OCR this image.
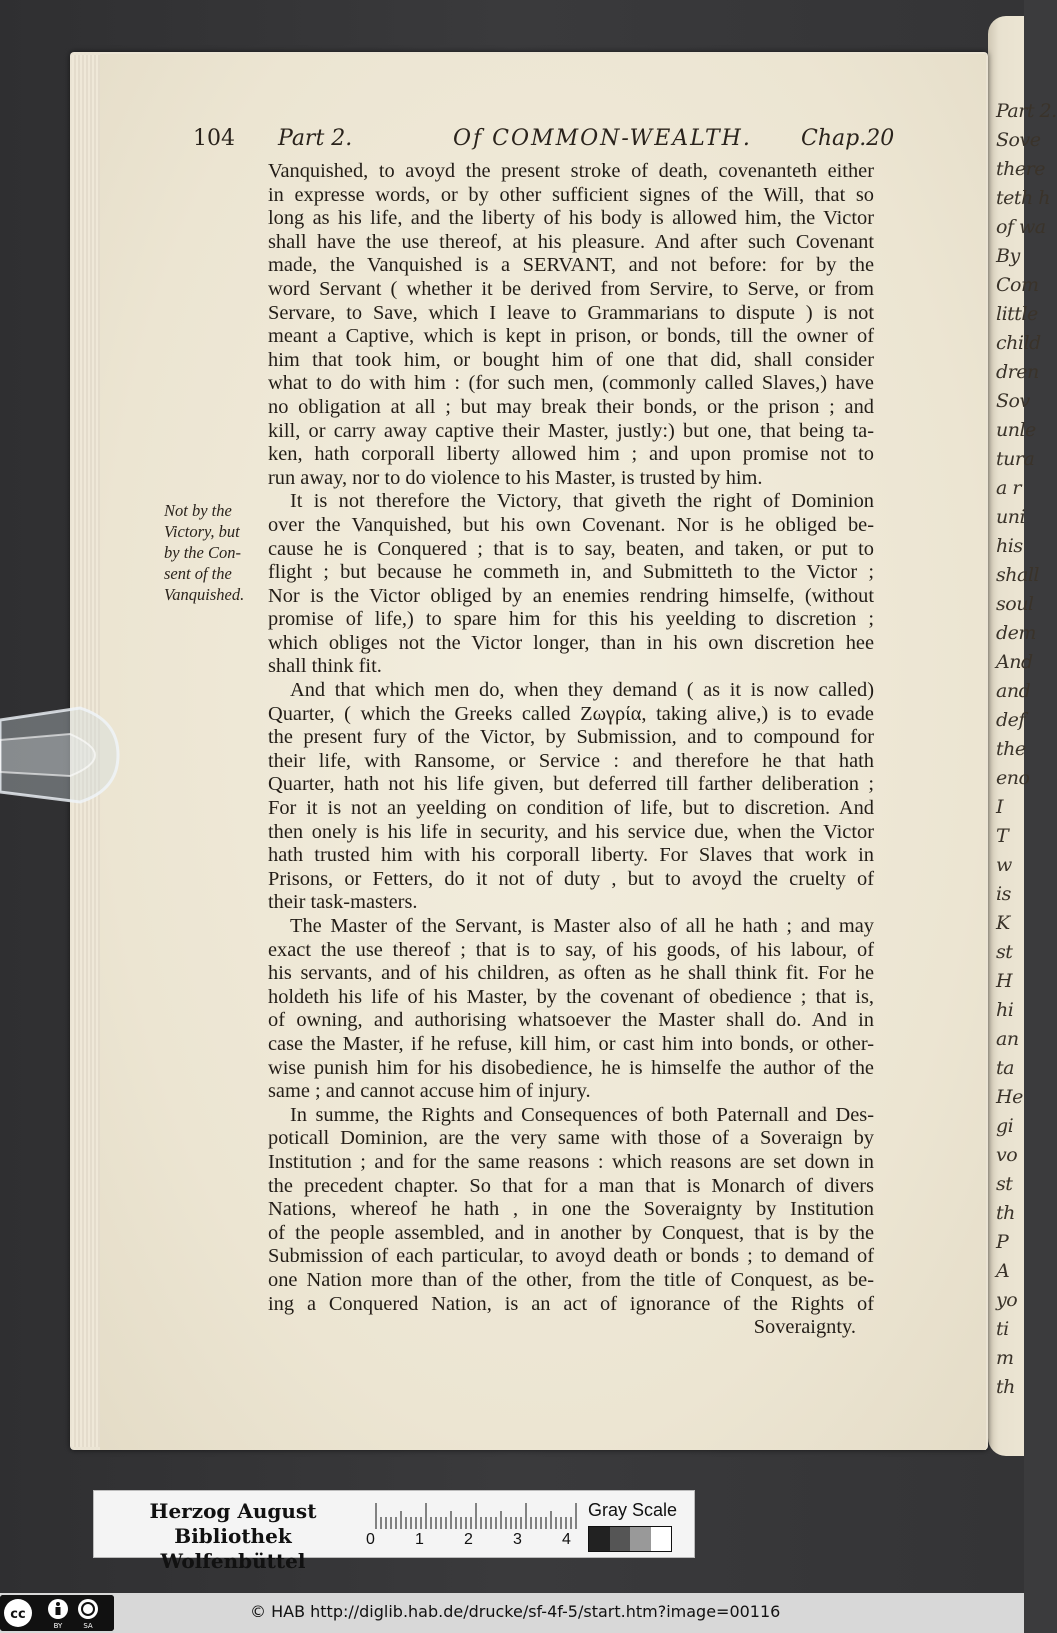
Part 2.
Sove
there
teth h
of wa
By
Com
little
child
dren
Sov
unle
tura
a r
uni
his
shall
soul
dem
And
and
def
the
eno
I
T
w
is
K
st
H
hi
an
ta
He
gi
vo
st
th
P
A
yo
ti
m
th
104 Part 2.	Of COMMON-WEALTH. Chap.20
Not by the
Victory, but
by the Con-
sent of the
Vanquished.
Vanquished, to avoyd the present stroke of death, covenanteth either
in expresse words, or by other sufficient signes of the Will, that so
long as his life, and the liberty of his body is allowed him, the Victor
shall have the use thereof, at his pleasure. And after such Covenant
made, the Vanquished is a SERVANT, and not before: for by the
word Servant ( whether it be derived from Servire, to Serve, or from
Servare, to Save, which I leave to Grammarians to dispute ) is not
meant a Captive, which is kept in prison, or bonds, till the owner of
him that took him, or bought him of one that did, shall consider
what to do with him : (for such men, (commonly called Slaves,) have
no obligation at all ; but may break their bonds, or the prison ; and
kill, or carry away captive their Master, justly:) but one, that being ta-
ken, hath corporall liberty allowed him ; and upon promise not to
run away, nor to do violence to his Master, is trusted by him.
It is not therefore the Victory, that giveth the right of Dominion
over the Vanquished, but his own Covenant. Nor is he obliged be-
cause he is Conquered ; that is to say, beaten, and taken, or put to
flight ; but because he commeth in, and Submitteth to the Victor ;
Nor is the Victor obliged by an enemies rendring himselfe, (without
promise of life,) to spare him for this his yeelding to discretion ;
which obliges not the Victor longer, than in his own discretion hee
shall think fit.
And that which men do, when they demand ( as it is now called)
Quarter, ( which the Greeks called Ζωγρία, taking alive,) is to evade
the present fury of the Victor, by Submission, and to compound for
their life, with Ransome, or Service : and therefore he that hath
Quarter, hath not his life given, but deferred till farther deliberation ;
For it is not an yeelding on condition of life, but to discretion. And
then onely is his life in security, and his service due, when the Victor
hath trusted him with his corporall liberty. For Slaves that work in
Prisons, or Fetters, do it not of duty , but to avoyd the cruelty of
their task-masters.
The Master of the Servant, is Master also of all he hath ; and may
exact the use thereof ; that is to say, of his goods, of his labour, of
his servants, and of his children, as often as he shall think fit. For he
holdeth his life of his Master, by the covenant of obedience ; that is,
of owning, and authorising whatsoever the Master shall do. And in
case the Master, if he refuse, kill him, or cast him into bonds, or other-
wise punish him for his disobedience, he is himselfe the author of the
same ; and cannot accuse him of injury.
In summe, the Rights and Consequences of both Paternall and Des-
poticall Dominion, are the very same with those of a Soveraign by
Institution ; and for the same reasons : which reasons are set down in
the precedent chapter. So that for a man that is Monarch of divers
Nations, whereof he hath , in one the Soveraignty by Institution
of the people assembled, and in another by Conquest, that is by the
Submission of each particular, to avoyd death or bonds ; to demand of
one Nation more than of the other, from the title of Conquest, as be-
ing a Conquered Nation, is an act of ignorance of the Rights of
Soveraignty.
Herzog August Bibliothek
Wolfenbüttel
0	1	2	3	4
Gray Scale
cc
BY	SA
© HAB http://diglib.hab.de/drucke/sf-4f-5/start.htm?image=00116
